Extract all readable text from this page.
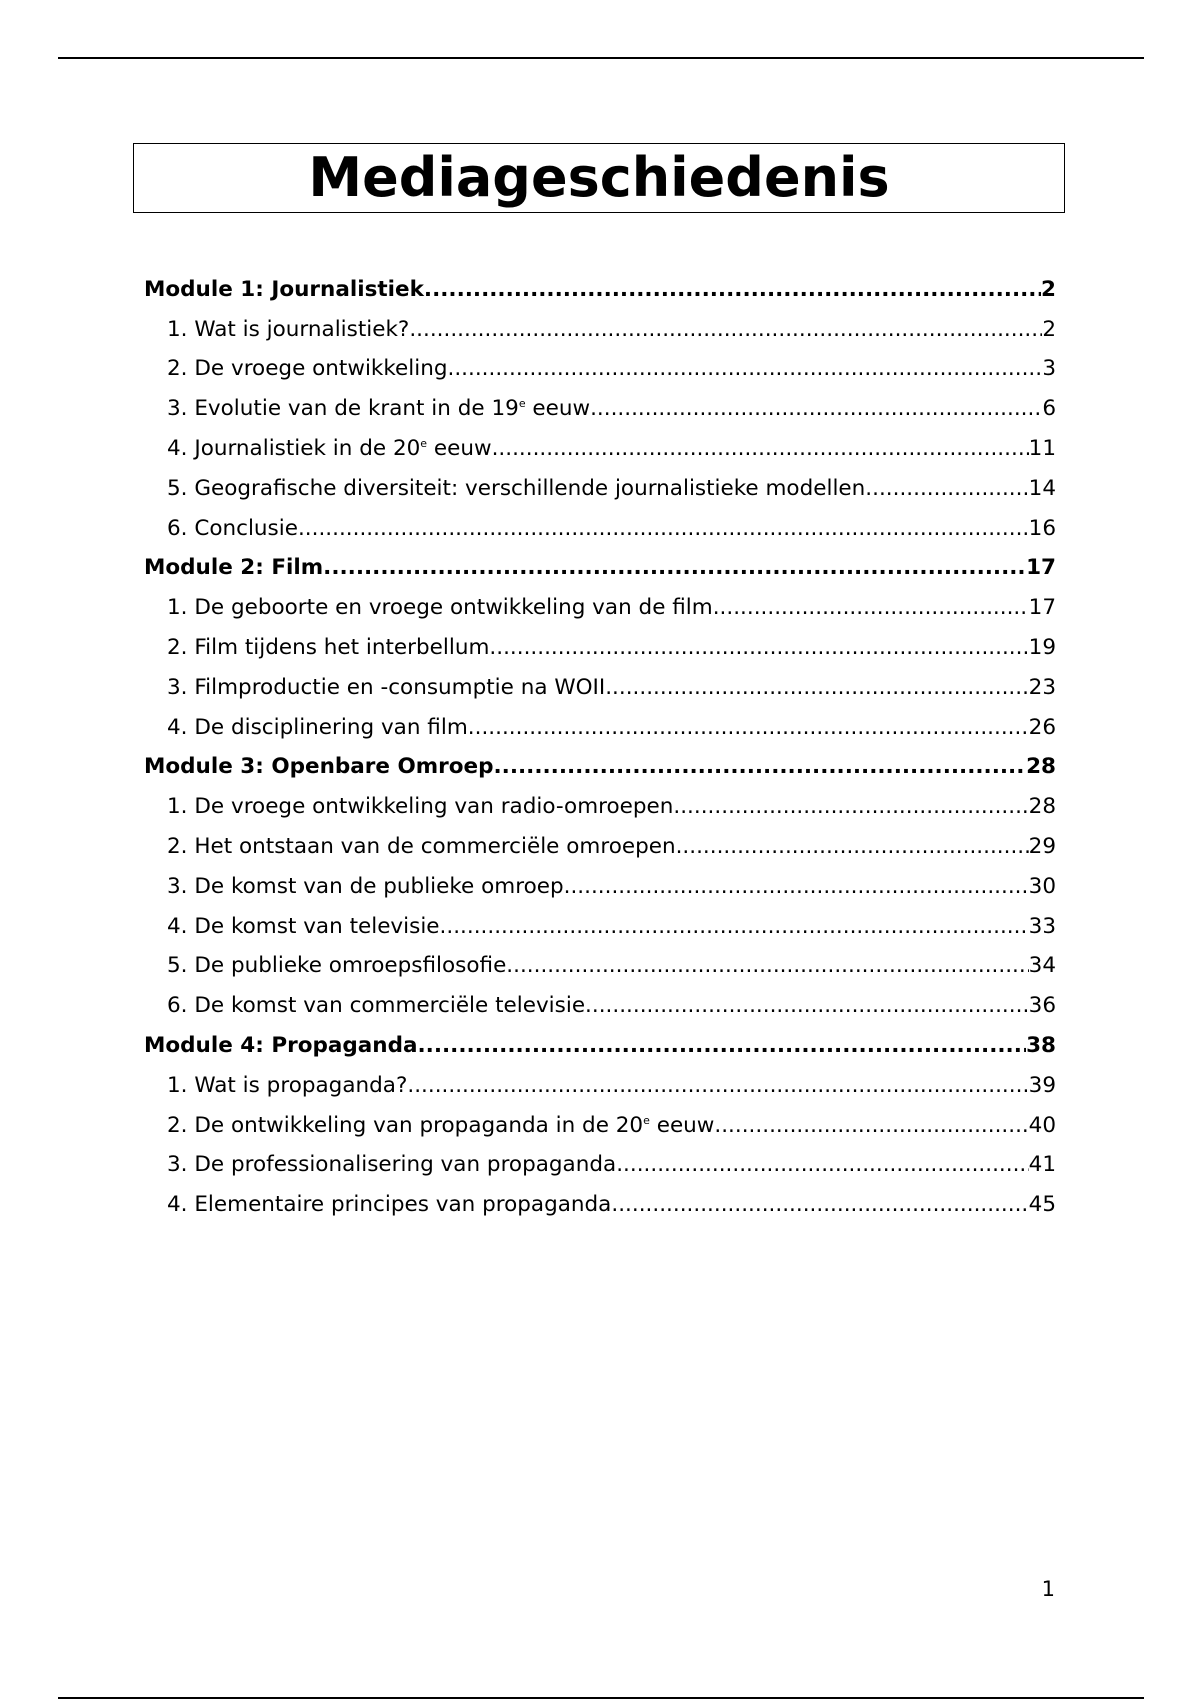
Mediageschiedenis
Module 1: Journalistiek .....	2
1. Wat is journalistiek? .....	2
2. De vroege ontwikkeling .....	3
3. Evolutie van de krant in de 19e eeuw .....	6
4. Journalistiek in de 20e eeuw .....	11
5. Geografische diversiteit: verschillende journalistieke modellen .....	14
6. Conclusie .....	16
Module 2: Film .....	17
1. De geboorte en vroege ontwikkeling van de film .....	17
2. Film tijdens het interbellum .....	19
3. Filmproductie en -consumptie na WOII .....	23
4. De disciplinering van film .....	26
Module 3: Openbare Omroep .....	28
1. De vroege ontwikkeling van radio-omroepen .....	28
2. Het ontstaan van de commerciële omroepen .....	29
3. De komst van de publieke omroep .....	30
4. De komst van televisie .....	33
5. De publieke omroepsfilosofie .....	34
6. De komst van commerciële televisie .....	36
Module 4: Propaganda .....	38
1. Wat is propaganda? .....	39
2. De ontwikkeling van propaganda in de 20e eeuw .....	40
3. De professionalisering van propaganda .....	41
4. Elementaire principes van propaganda .....	45
1
